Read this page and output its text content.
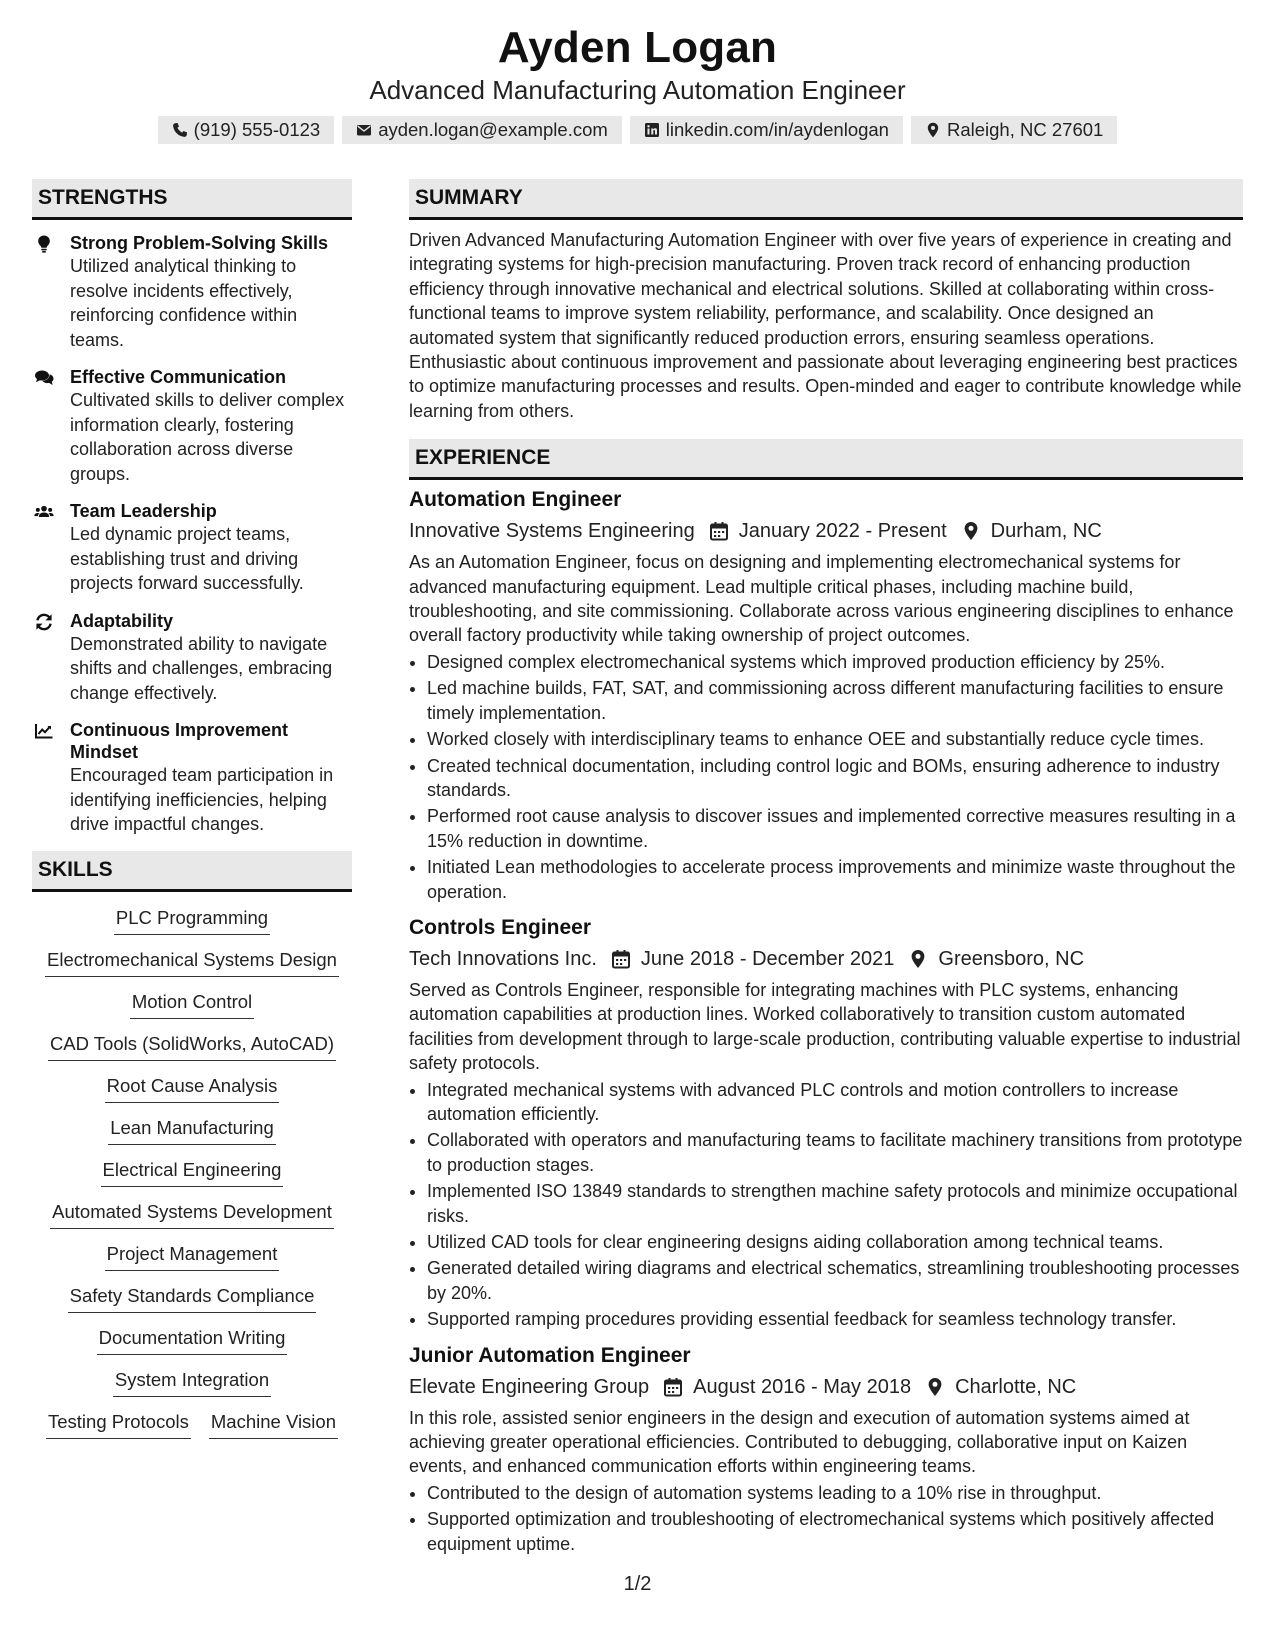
Ayden Logan
Advanced Manufacturing Automation Engineer
(919) 555-0123	ayden.logan@example.com	linkedin.com/in/aydenlogan	Raleigh, NC 27601
STRENGTHS
Strong Problem-Solving Skills
Utilized analytical thinking to resolve incidents effectively, reinforcing confidence within teams.
Effective Communication
Cultivated skills to deliver complex information clearly, fostering collaboration across diverse groups.
Team Leadership
Led dynamic project teams, establishing trust and driving projects forward successfully.
Adaptability
Demonstrated ability to navigate shifts and challenges, embracing change effectively.
Continuous Improvement Mindset
Encouraged team participation in identifying inefficiencies, helping drive impactful changes.
SKILLS
PLC Programming
Electromechanical Systems Design
Motion Control
CAD Tools (SolidWorks, AutoCAD)
Root Cause Analysis
Lean Manufacturing
Electrical Engineering
Automated Systems Development
Project Management
Safety Standards Compliance
Documentation Writing
System Integration
Testing Protocols Machine Vision
SUMMARY
Driven Advanced Manufacturing Automation Engineer with over five years of experience in creating and integrating systems for high-precision manufacturing. Proven track record of enhancing production efficiency through innovative mechanical and electrical solutions. Skilled at collaborating within cross-functional teams to improve system reliability, performance, and scalability. Once designed an automated system that significantly reduced production errors, ensuring seamless operations. Enthusiastic about continuous improvement and passionate about leveraging engineering best practices to optimize manufacturing processes and results. Open-minded and eager to contribute knowledge while learning from others.
EXPERIENCE
Automation Engineer
Innovative Systems Engineering January 2022 - Present Durham, NC
As an Automation Engineer, focus on designing and implementing electromechanical systems for advanced manufacturing equipment. Lead multiple critical phases, including machine build, troubleshooting, and site commissioning. Collaborate across various engineering disciplines to enhance overall factory productivity while taking ownership of project outcomes.
• Designed complex electromechanical systems which improved production efficiency by 25%.
• Led machine builds, FAT, SAT, and commissioning across different manufacturing facilities to ensure timely implementation.
• Worked closely with interdisciplinary teams to enhance OEE and substantially reduce cycle times.
• Created technical documentation, including control logic and BOMs, ensuring adherence to industry standards.
• Performed root cause analysis to discover issues and implemented corrective measures resulting in a 15% reduction in downtime.
• Initiated Lean methodologies to accelerate process improvements and minimize waste throughout the operation.
Controls Engineer
Tech Innovations Inc. June 2018 - December 2021 Greensboro, NC
Served as Controls Engineer, responsible for integrating machines with PLC systems, enhancing automation capabilities at production lines. Worked collaboratively to transition custom automated facilities from development through to large-scale production, contributing valuable expertise to industrial safety protocols.
• Integrated mechanical systems with advanced PLC controls and motion controllers to increase automation efficiently.
• Collaborated with operators and manufacturing teams to facilitate machinery transitions from prototype to production stages.
• Implemented ISO 13849 standards to strengthen machine safety protocols and minimize occupational risks.
• Utilized CAD tools for clear engineering designs aiding collaboration among technical teams.
• Generated detailed wiring diagrams and electrical schematics, streamlining troubleshooting processes by 20%.
• Supported ramping procedures providing essential feedback for seamless technology transfer.
Junior Automation Engineer
Elevate Engineering Group August 2016 - May 2018 Charlotte, NC
In this role, assisted senior engineers in the design and execution of automation systems aimed at achieving greater operational efficiencies. Contributed to debugging, collaborative input on Kaizen events, and enhanced communication efforts within engineering teams.
• Contributed to the design of automation systems leading to a 10% rise in throughput.
• Supported optimization and troubleshooting of electromechanical systems which positively affected equipment uptime.
1/2
